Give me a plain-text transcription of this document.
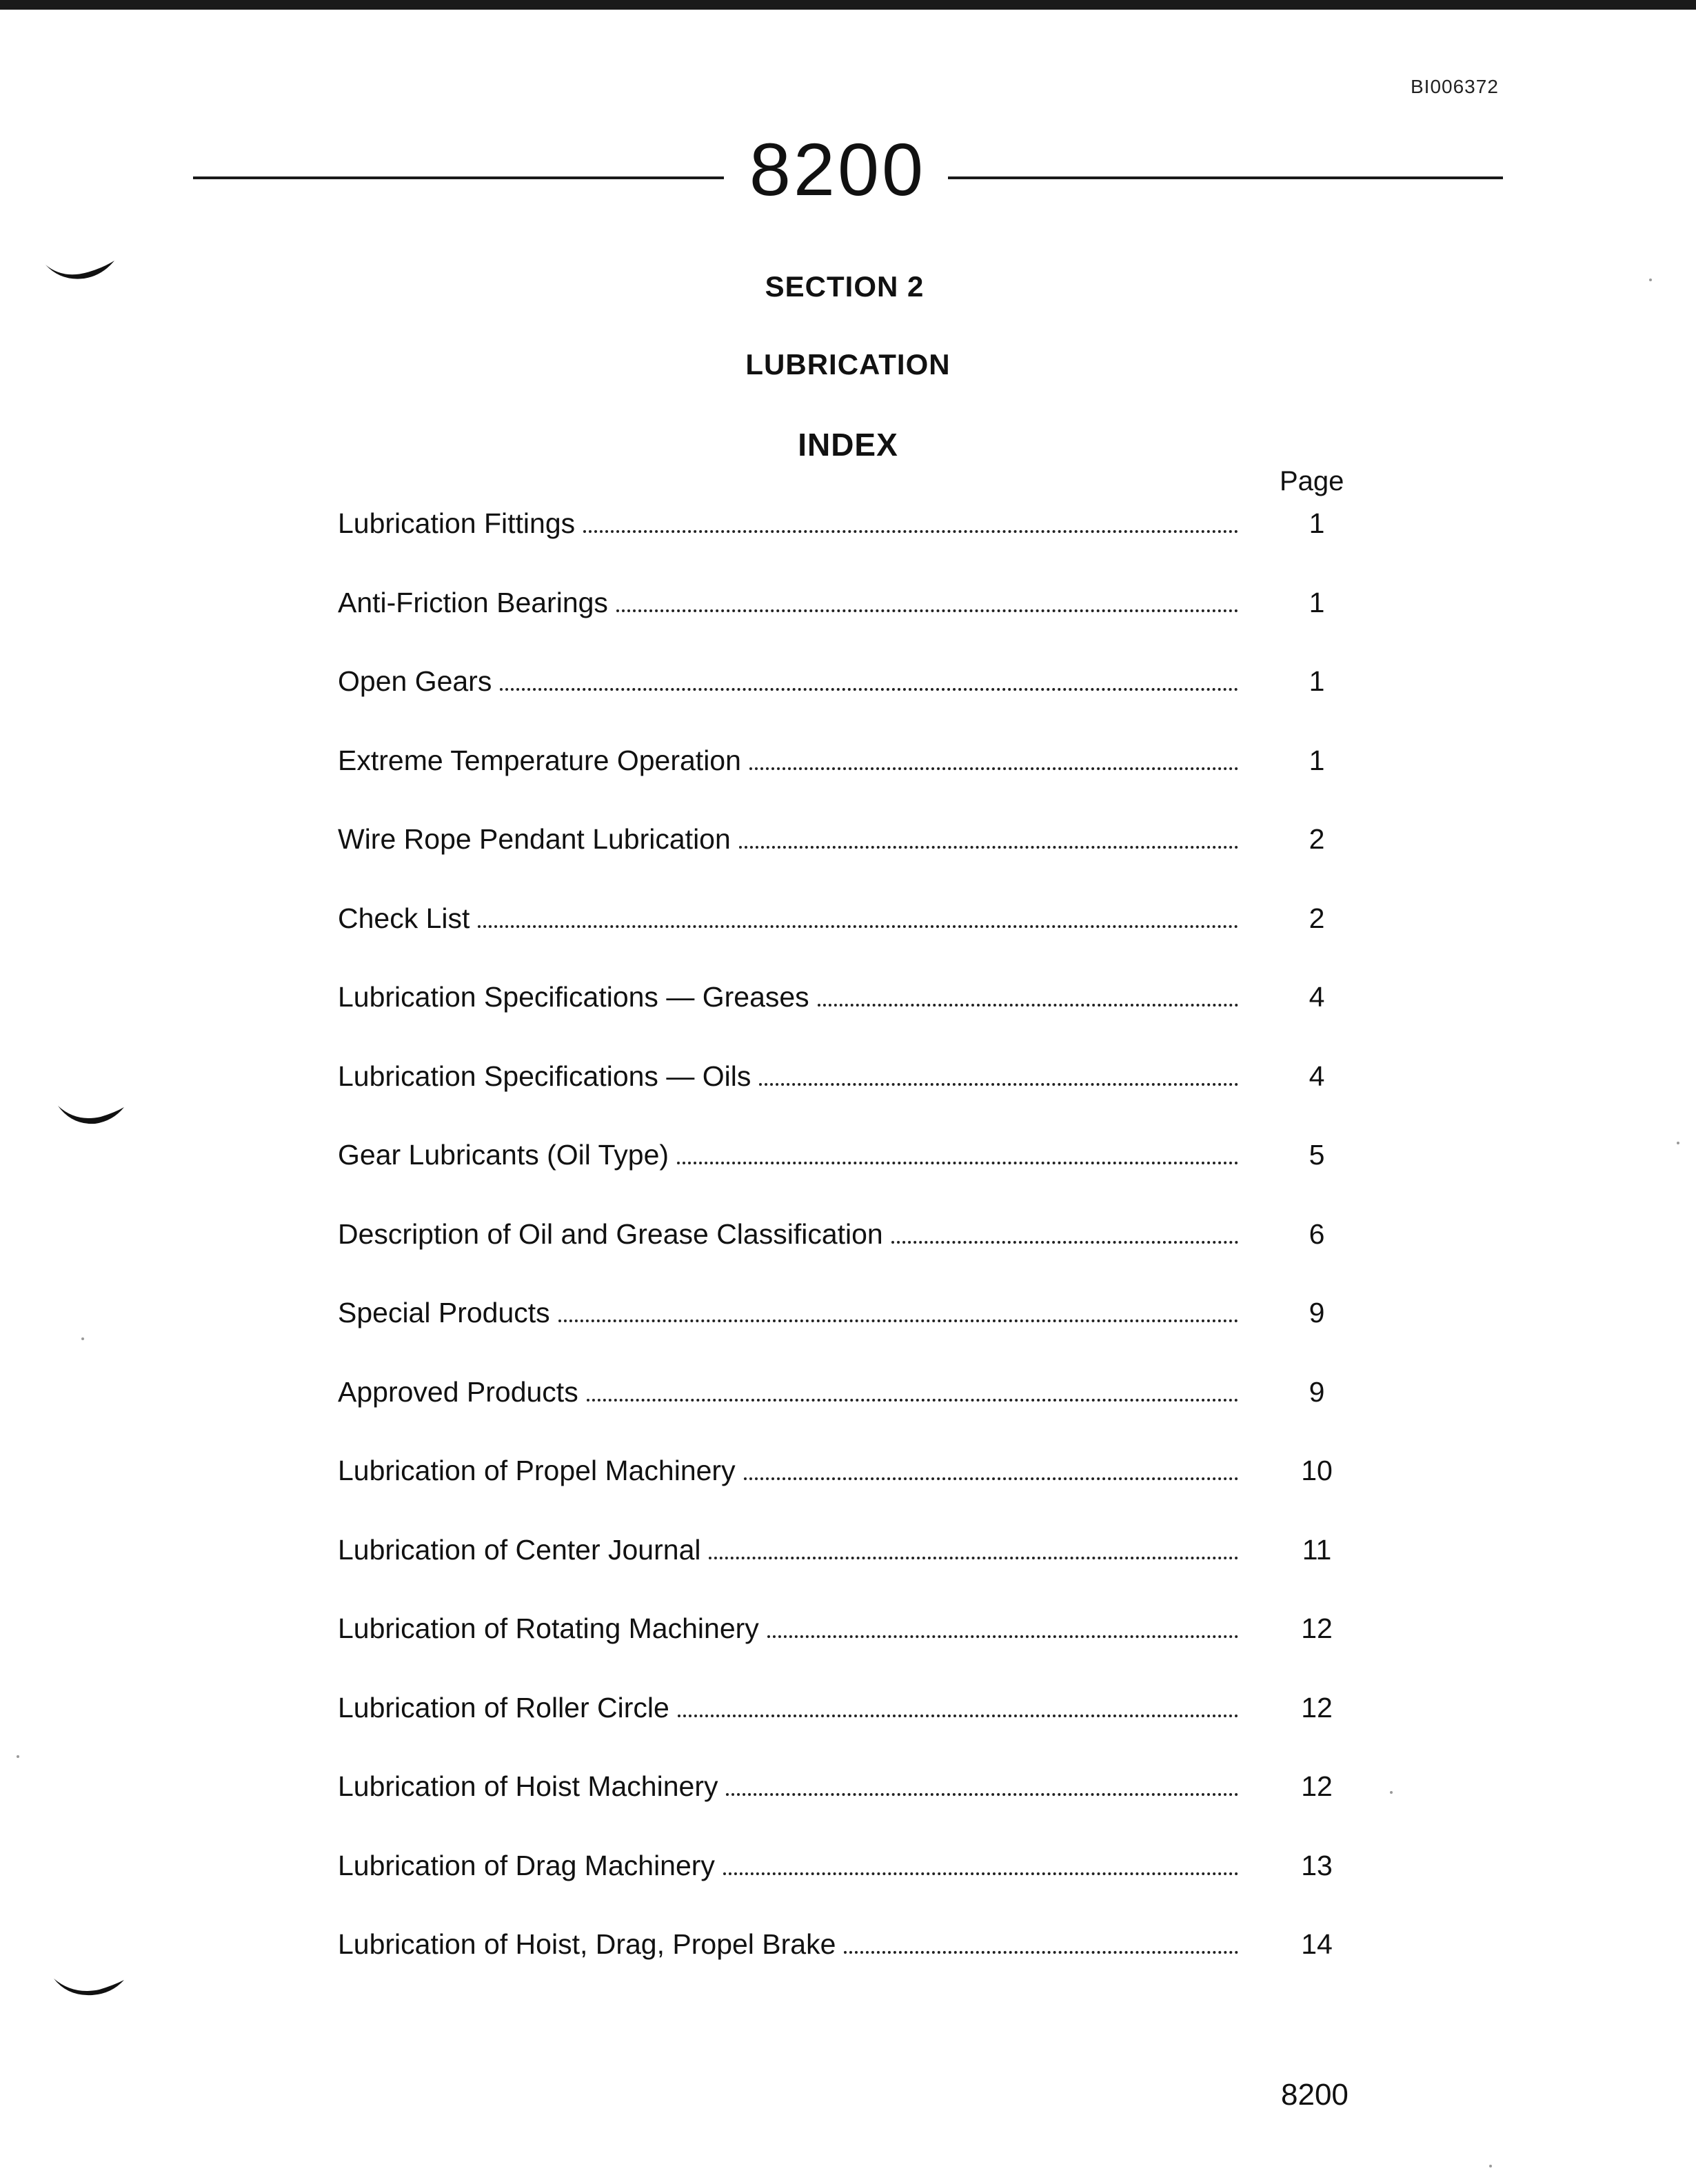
BI006372
8200
SECTION 2
LUBRICATION
INDEX
Page
Lubrication Fittings	1
Anti-Friction Bearings	1
Open Gears	1
Extreme Temperature Operation	1
Wire Rope Pendant Lubrication	2
Check List	2
Lubrication Specifications — Greases	4
Lubrication Specifications — Oils	4
Gear Lubricants (Oil Type)	5
Description of Oil and Grease Classification	6
Special Products	9
Approved Products	9
Lubrication of Propel Machinery	10
Lubrication of Center Journal	11
Lubrication of Rotating Machinery	12
Lubrication of Roller Circle	12
Lubrication of Hoist Machinery	12
Lubrication of Drag Machinery	13
Lubrication of Hoist, Drag, Propel Brake	14
8200
